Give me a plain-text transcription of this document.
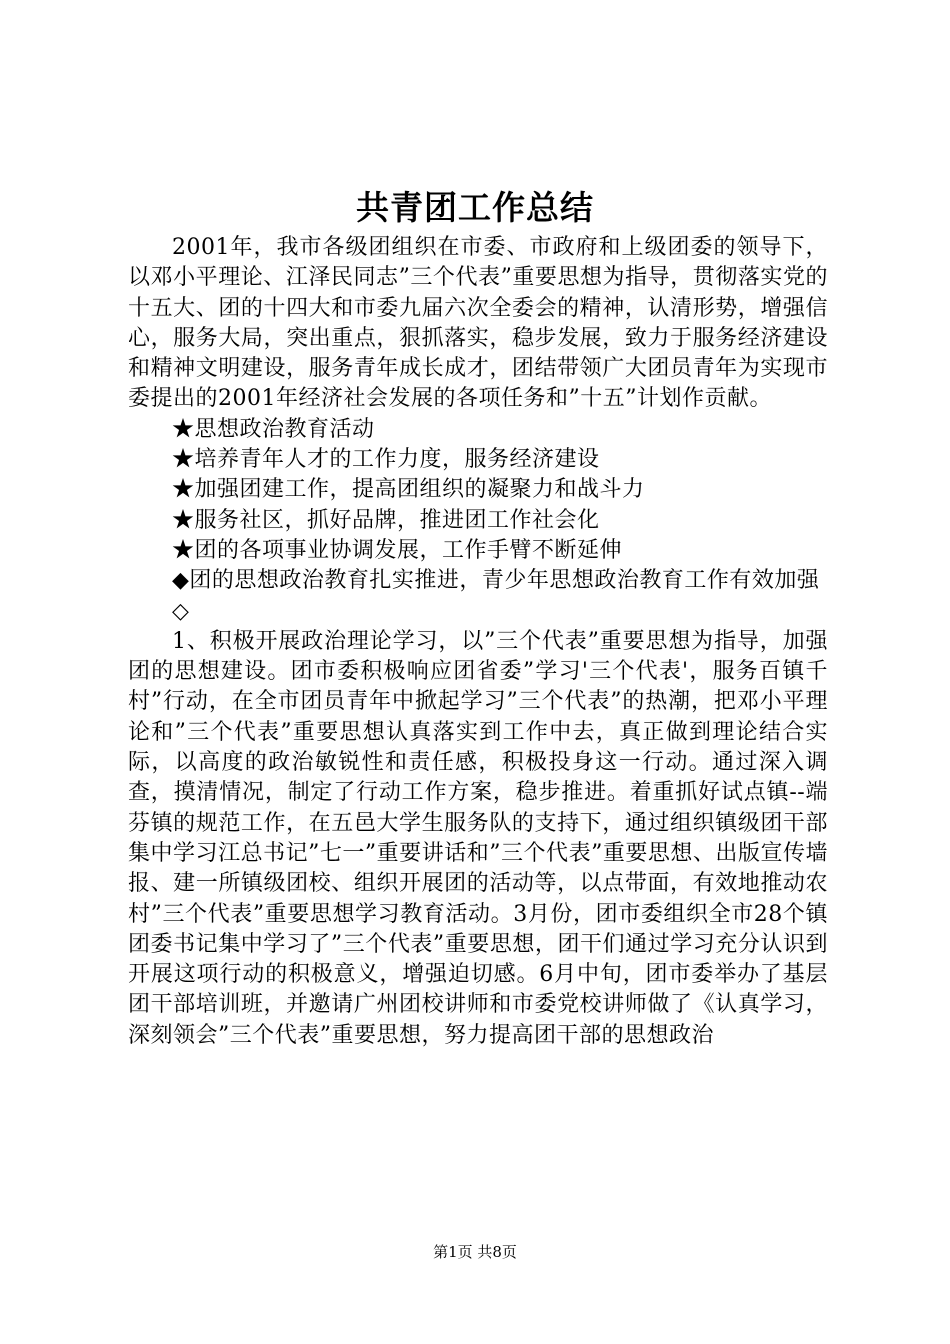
共青团工作总结

2001年，我市各级团组织在市委、市政府和上级团委的领导下，以邓小平理论、江泽民同志”三个代表”重要思想为指导，贯彻落实党的十五大、团的十四大和市委九届六次全委会的精神，认清形势，增强信心，服务大局，突出重点，狠抓落实，稳步发展，致力于服务经济建设和精神文明建设，服务青年成长成才，团结带领广大团员青年为实现市委提出的2001年经济社会发展的各项任务和”十五”计划作贡献。

★思想政治教育活动

★培养青年人才的工作力度，服务经济建设

★加强团建工作，提高团组织的凝聚力和战斗力

★服务社区，抓好品牌，推进团工作社会化

★团的各项事业协调发展，工作手臂不断延伸

◆团的思想政治教育扎实推进，青少年思想政治教育工作有效加强

◇

1、积极开展政治理论学习，以”三个代表”重要思想为指导，加强团的思想建设。团市委积极响应团省委”学习'三个代表'，服务百镇千村”行动，在全市团员青年中掀起学习”三个代表”的热潮，把邓小平理论和”三个代表”重要思想认真落实到工作中去，真正做到理论结合实际，以高度的政治敏锐性和责任感，积极投身这一行动。通过深入调查，摸清情况，制定了行动工作方案，稳步推进。着重抓好试点镇--端芬镇的规范工作，在五邑大学生服务队的支持下，通过组织镇级团干部集中学习江总书记”七一”重要讲话和”三个代表”重要思想、出版宣传墙报、建一所镇级团校、组织开展团的活动等，以点带面，有效地推动农村”三个代表”重要思想学习教育活动。3月份，团市委组织全市28个镇团委书记集中学习了”三个代表”重要思想，团干们通过学习充分认识到开展这项行动的积极意义，增强迫切感。6月中旬，团市委举办了基层团干部培训班，并邀请广州团校讲师和市委党校讲师做了《认真学习，深刻领会”三个代表”重要思想，努力提高团干部的思想政治

第1页 共8页
